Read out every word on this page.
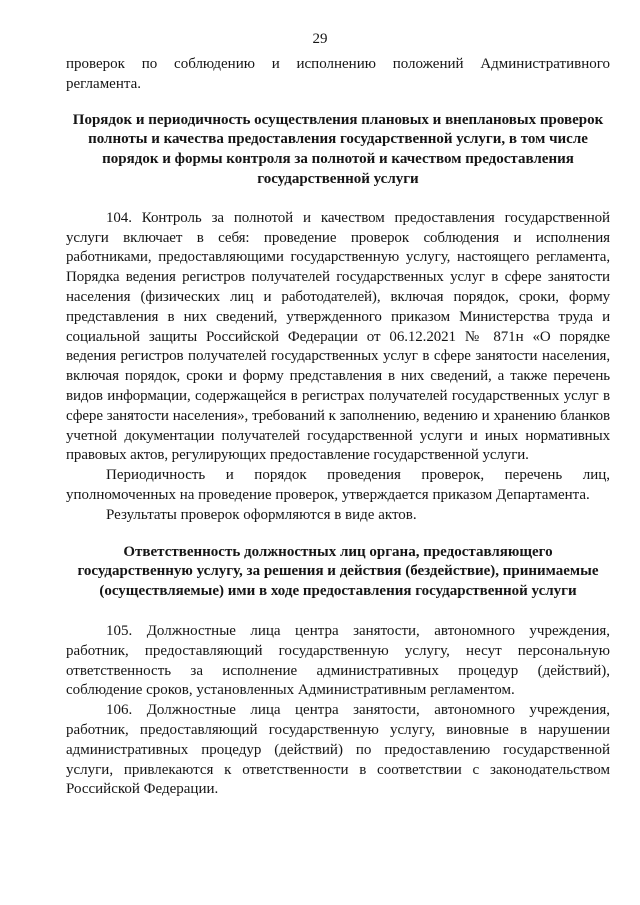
29

проверок по соблюдению и исполнению положений Административного регламента.

Порядок и периодичность осуществления плановых и внеплановых проверок полноты и качества предоставления государственной услуги, в том числе порядок и формы контроля за полнотой и качеством предоставления государственной услуги

104. Контроль за полнотой и качеством предоставления государственной услуги включает в себя: проведение проверок соблюдения и исполнения работниками, предоставляющими государственную услугу, настоящего регламента, Порядка ведения регистров получателей государственных услуг в сфере занятости населения (физических лиц и работодателей), включая порядок, сроки, форму представления в них сведений, утвержденного приказом Министерства труда и социальной защиты Российской Федерации от 06.12.2021 № 871н «О порядке ведения регистров получателей государственных услуг в сфере занятости населения, включая порядок, сроки и форму представления в них сведений, а также перечень видов информации, содержащейся в регистрах получателей государственных услуг в сфере занятости населения», требований к заполнению, ведению и хранению бланков учетной документации получателей государственной услуги и иных нормативных правовых актов, регулирующих предоставление государственной услуги.

Периодичность и порядок проведения проверок, перечень лиц, уполномоченных на проведение проверок, утверждается приказом Департамента.

Результаты проверок оформляются в виде актов.

Ответственность должностных лиц органа, предоставляющего государственную услугу, за решения и действия (бездействие), принимаемые (осуществляемые) ими в ходе предоставления государственной услуги

105. Должностные лица центра занятости, автономного учреждения, работник, предоставляющий государственную услугу, несут персональную ответственность за исполнение административных процедур (действий), соблюдение сроков, установленных Административным регламентом.

106. Должностные лица центра занятости, автономного учреждения, работник, предоставляющий государственную услугу, виновные в нарушении административных процедур (действий) по предоставлению государственной услуги, привлекаются к ответственности в соответствии с законодательством Российской Федерации.
